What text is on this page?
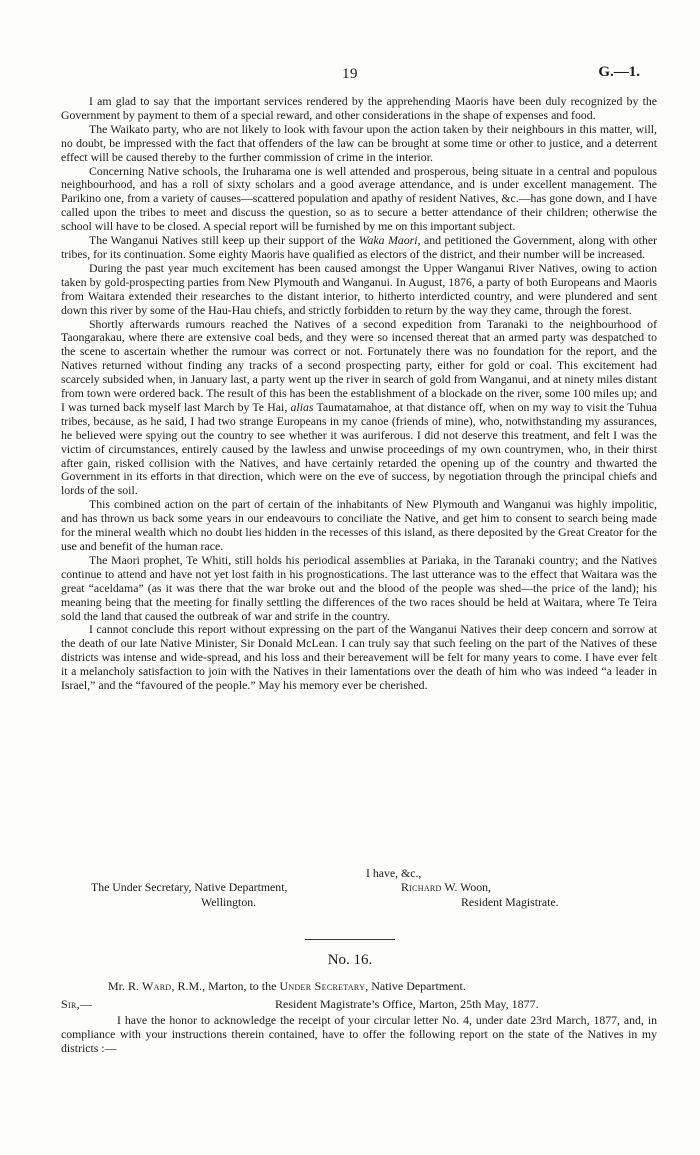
19	G.—1.

I am glad to say that the important services rendered by the apprehending Maoris have been duly recognized by the Government by payment to them of a special reward, and other considerations in the shape of expenses and food.

The Waikato party, who are not likely to look with favour upon the action taken by their neighbours in this matter, will, no doubt, be impressed with the fact that offenders of the law can be brought at some time or other to justice, and a deterrent effect will be caused thereby to the further commission of crime in the interior.

Concerning Native schools, the Iruharama one is well attended and prosperous, being situate in a central and populous neighbourhood, and has a roll of sixty scholars and a good average attendance, and is under excellent management. The Parikino one, from a variety of causes—scattered population and apathy of resident Natives, &c.—has gone down, and I have called upon the tribes to meet and discuss the question, so as to secure a better attendance of their children; otherwise the school will have to be closed. A special report will be furnished by me on this important subject.

The Wanganui Natives still keep up their support of the Waka Maori, and petitioned the Government, along with other tribes, for its continuation. Some eighty Maoris have qualified as electors of the district, and their number will be increased.

During the past year much excitement has been caused amongst the Upper Wanganui River Natives, owing to action taken by gold-prospecting parties from New Plymouth and Wanganui. In August, 1876, a party of both Europeans and Maoris from Waitara extended their researches to the distant interior, to hitherto interdicted country, and were plundered and sent down this river by some of the Hau-Hau chiefs, and strictly forbidden to return by the way they came, through the forest.

Shortly afterwards rumours reached the Natives of a second expedition from Taranaki to the neighbourhood of Taongarakau, where there are extensive coal beds, and they were so incensed thereat that an armed party was despatched to the scene to ascertain whether the rumour was correct or not. Fortunately there was no foundation for the report, and the Natives returned without finding any tracks of a second prospecting party, either for gold or coal. This excitement had scarcely subsided when, in January last, a party went up the river in search of gold from Wanganui, and at ninety miles distant from town were ordered back. The result of this has been the establishment of a blockade on the river, some 100 miles up; and I was turned back myself last March by Te Hai, alias Taumatamahoe, at that distance off, when on my way to visit the Tuhua tribes, because, as he said, I had two strange Europeans in my canoe (friends of mine), who, notwithstanding my assurances, he believed were spying out the country to see whether it was auriferous. I did not deserve this treatment, and felt I was the victim of circumstances, entirely caused by the lawless and unwise proceedings of my own countrymen, who, in their thirst after gain, risked collision with the Natives, and have certainly retarded the opening up of the country and thwarted the Government in its efforts in that direction, which were on the eve of success, by negotiation through the principal chiefs and lords of the soil.

This combined action on the part of certain of the inhabitants of New Plymouth and Wanganui was highly impolitic, and has thrown us back some years in our endeavours to conciliate the Native, and get him to consent to search being made for the mineral wealth which no doubt lies hidden in the recesses of this island, as there deposited by the Great Creator for the use and benefit of the human race.

The Maori prophet, Te Whiti, still holds his periodical assemblies at Pariaka, in the Taranaki country; and the Natives continue to attend and have not yet lost faith in his prognostications. The last utterance was to the effect that Waitara was the great “aceldama” (as it was there that the war broke out and the blood of the people was shed—the price of the land); his meaning being that the meeting for finally settling the differences of the two races should be held at Waitara, where Te Teira sold the land that caused the outbreak of war and strife in the country.

I cannot conclude this report without expressing on the part of the Wanganui Natives their deep concern and sorrow at the death of our late Native Minister, Sir Donald McLean. I can truly say that such feeling on the part of the Natives of these districts was intense and wide-spread, and his loss and their bereavement will be felt for many years to come. I have ever felt it a melancholy satisfaction to join with the Natives in their lamentations over the death of him who was indeed “a leader in Israel,” and the “favoured of the people.” May his memory ever be cherished.

I have, &c.,
The Under Secretary, Native Department,	Richard W. Woon,
Wellington.	Resident Magistrate.
No. 16.
Mr. R. Ward, R.M., Marton, to the Under Secretary, Native Department.
Sir,—	Resident Magistrate’s Office, Marton, 25th May, 1877.

I have the honor to acknowledge the receipt of your circular letter No. 4, under date 23rd March, 1877, and, in compliance with your instructions therein contained, have to offer the following report on the state of the Natives in my districts :—
